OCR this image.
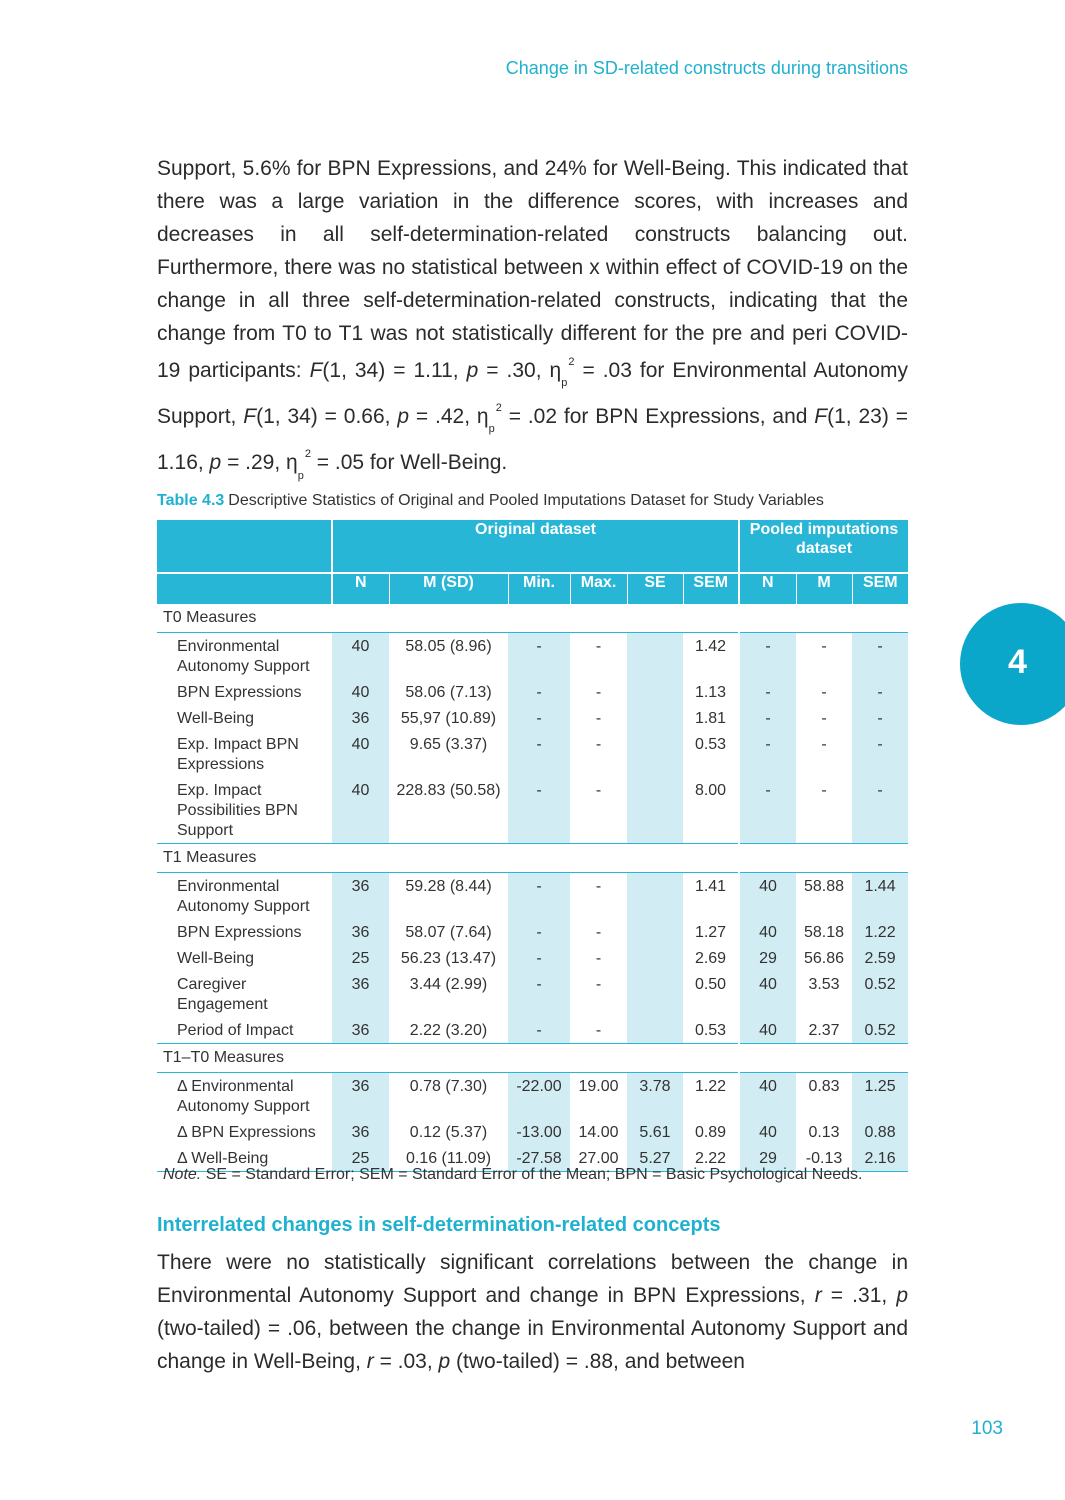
Change in SD-related constructs during transitions

Support, 5.6% for BPN Expressions, and 24% for Well-Being. This indicated that there was a large variation in the difference scores, with increases and decreases in all self-determination-related constructs balancing out. Furthermore, there was no statistical between x within effect of COVID-19 on the change in all three self-determination-related constructs, indicating that the change from T0 to T1 was not statistically different for the pre and peri COVID-19 participants: F(1, 34) = 1.11, p = .30, $\eta_p^2 = .03$ for Environmental Autonomy Support, F(1, 34) = 0.66, p = .42, $\eta_p^2 = .02$ for BPN Expressions, and F(1, 23) = 1.16, p = .29, $\eta_p^2 = .05$ for Well-Being.

Table 4.3 Descriptive Statistics of Original and Pooled Imputations Dataset for Study Variables
	Original dataset						Pooled imputations dataset		
	N	M (SD)	Min.	Max.	SE	SEM	N	M	SEM
T0 Measures									
Environmental Autonomy Support	40	58.05 (8.96)	-	-		1.42	-	-	-
BPN Expressions	40	58.06 (7.13)	-	-		1.13	-	-	-
Well-Being	36	55,97 (10.89)	-	-		1.81	-	-	-
Exp. Impact BPN Expressions	40	9.65 (3.37)	-	-		0.53	-	-	-
Exp. Impact Possibilities BPN Support	40	228.83 (50.58)	-	-		8.00	-	-	-
T1 Measures									
Environmental Autonomy Support	36	59.28 (8.44)	-	-		1.41	40	58.88	1.44
BPN Expressions	36	58.07 (7.64)	-	-		1.27	40	58.18	1.22
Well-Being	25	56.23 (13.47)	-	-		2.69	29	56.86	2.59
Caregiver Engagement	36	3.44 (2.99)	-	-		0.50	40	3.53	0.52
Period of Impact	36	2.22 (3.20)	-	-		0.53	40	2.37	0.52
T1–T0 Measures									
Δ Environmental Autonomy Support	36	0.78 (7.30)	-22.00	19.00	3.78	1.22	40	0.83	1.25
Δ BPN Expressions	36	0.12 (5.37)	-13.00	14.00	5.61	0.89	40	0.13	0.88
Δ Well-Being	25	0.16 (11.09)	-27.58	27.00	5.27	2.22	29	-0.13	2.16
Note. SE = Standard Error; SEM = Standard Error of the Mean; BPN = Basic Psychological Needs.
Interrelated changes in self-determination-related concepts

There were no statistically significant correlations between the change in Environmental Autonomy Support and change in BPN Expressions, r = .31, p (two-tailed) = .06, between the change in Environmental Autonomy Support and change in Well-Being, r = .03, p (two-tailed) = .88, and between

4
103
